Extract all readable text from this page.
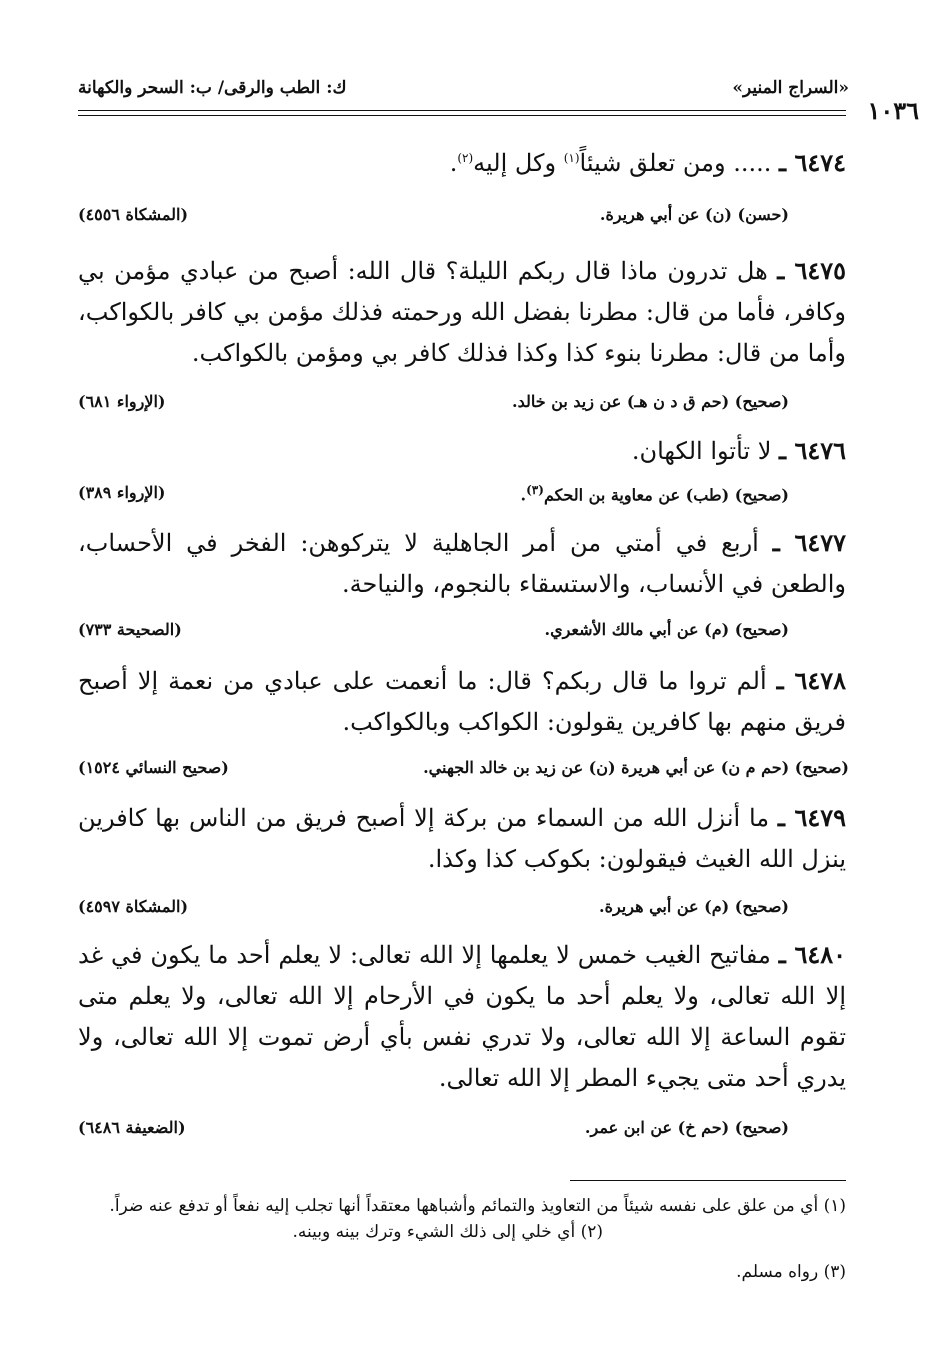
«السراج المنير»
ك: الطب والرقى/ ب: السحر والكهانة
١٠٣٦
٦٤٧٤ ـ ..... ومن تعلق شيئاً$^{(١)}$ وكل إليه$^{(٢)}$.
(حسن) (ن) عن أبي هريرة.
(المشكاة ٤٥٥٦)
٦٤٧٥ ـ هل تدرون ماذا قال ربكم الليلة؟ قال الله: أصبح من عبادي مؤمن بي وكافر، فأما من قال: مطرنا بفضل الله ورحمته فذلك مؤمن بي كافر بالكواكب، وأما من قال: مطرنا بنوء كذا وكذا فذلك كافر بي ومؤمن بالكواكب.
(صحيح) (حم ق د ن هـ) عن زيد بن خالد.
(الإرواء ٦٨١)
٦٤٧٦ ـ لا تأتوا الكهان.
(صحيح) (طب) عن معاوية بن الحكم$^{(٣)}$.
(الإرواء ٣٨٩)
٦٤٧٧ ـ أربع في أمتي من أمر الجاهلية لا يتركوهن: الفخر في الأحساب، والطعن في الأنساب، والاستسقاء بالنجوم، والنياحة.
(صحيح) (م) عن أبي مالك الأشعري.
(الصحيحة ٧٣٣)
٦٤٧٨ ـ ألم تروا ما قال ربكم؟ قال: ما أنعمت على عبادي من نعمة إلا أصبح فريق منهم بها كافرين يقولون: الكواكب وبالكواكب.
(صحيح) (حم م ن) عن أبي هريرة (ن) عن زيد بن خالد الجهني.
(صحيح النسائي ١٥٢٤)
٦٤٧٩ ـ ما أنزل الله من السماء من بركة إلا أصبح فريق من الناس بها كافرين ينزل الله الغيث فيقولون: بكوكب كذا وكذا.
(صحيح) (م) عن أبي هريرة.
(المشكاة ٤٥٩٧)
٦٤٨٠ ـ مفاتيح الغيب خمس لا يعلمها إلا الله تعالى: لا يعلم أحد ما يكون في غد إلا الله تعالى، ولا يعلم أحد ما يكون في الأرحام إلا الله تعالى، ولا يعلم متى تقوم الساعة إلا الله تعالى، ولا تدري نفس بأي أرض تموت إلا الله تعالى، ولا يدري أحد متى يجيء المطر إلا الله تعالى.
(صحيح) (حم خ) عن ابن عمر.
(الضعيفة ٦٤٨٦)
(١) أي من علق على نفسه شيئاً من التعاويذ والتمائم وأشباهها معتقداً أنها تجلب إليه نفعاً أو تدفع عنه ضراً.
(٢) أي خلي إلى ذلك الشيء وترك بينه وبينه.
(٣) رواه مسلم.
